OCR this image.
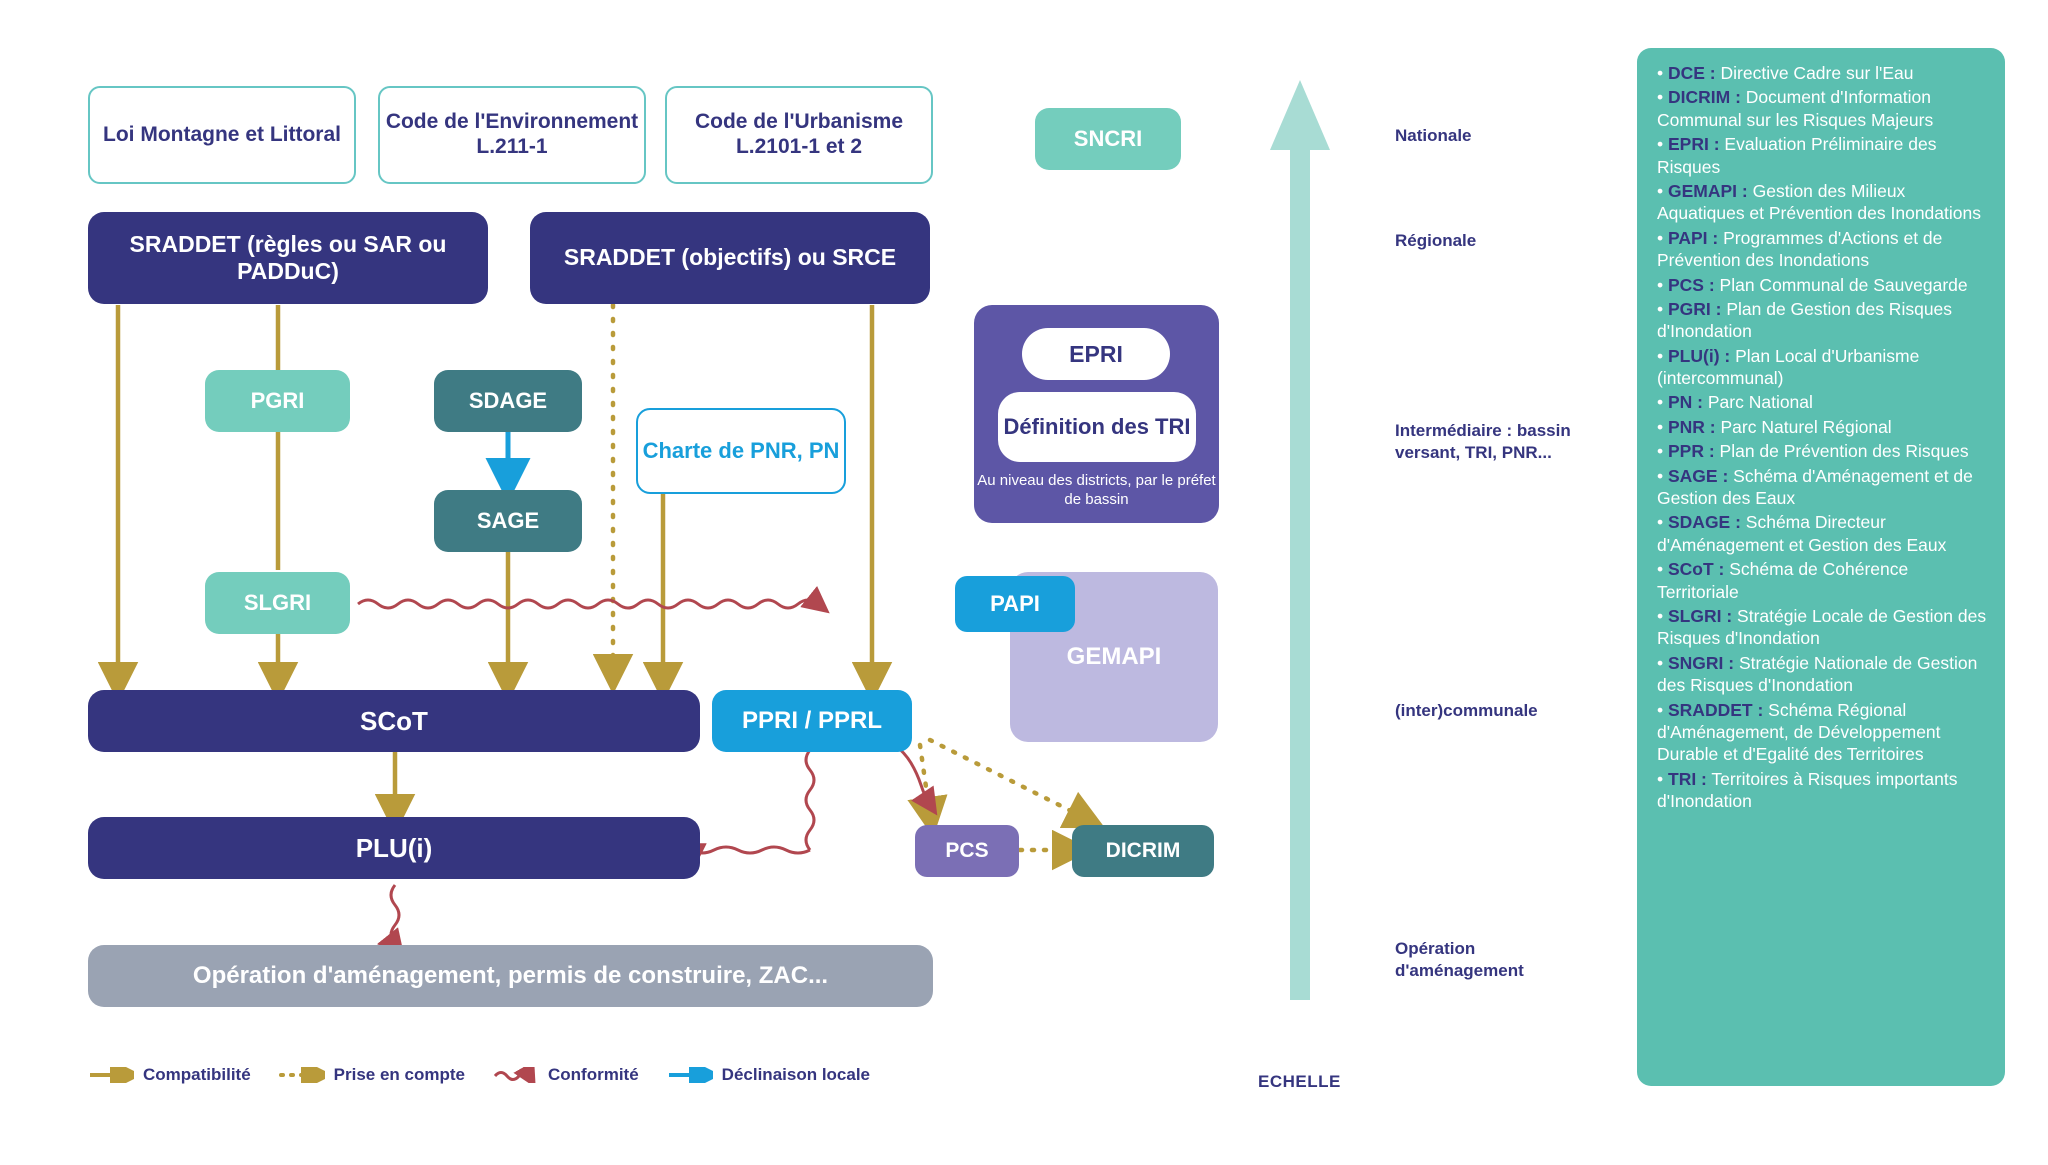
Loi Montagne et Littoral
Code de l'Environnement L.211-1
Code de l'Urbanisme L.2101-1 et 2	SNCRI
SRADDET (règles ou SAR ou PADDuC)
SRADDET (objectifs) ou SRCE
PGRI	SDAGE
SAGE
SLGRI
Charte de PNR, PN
EPRI
Définition des TRI
Au niveau des districts, par le préfet de bassin
GEMAPI
PAPI
SCoT	PPRI / PPRL
PLU(i)	PCS	DICRIM
Opération d'aménagement, permis de construire, ZAC...
Nationale
Régionale
Intermédiaire : bassin versant, TRI, PNR...
(inter)communale
Opération d'aménagement
ECHELLE
Compatibilité	Prise en compte	Conformité	Déclinaison locale
• DCE : Directive Cadre sur l'Eau
• DICRIM : Document d'Information Communal sur les Risques Majeurs
• EPRI : Evaluation Préliminaire des Risques
• GEMAPI : Gestion des Milieux Aquatiques et Prévention des Inondations
• PAPI : Programmes d'Actions et de Prévention des Inondations
• PCS : Plan Communal de Sauvegarde
• PGRI : Plan de Gestion des Risques d'Inondation
• PLU(i) : Plan Local d'Urbanisme (intercommunal)
• PN : Parc National
• PNR : Parc Naturel Régional
• PPR : Plan de Prévention des Risques
• SAGE : Schéma d'Aménagement et de Gestion des Eaux
• SDAGE : Schéma Directeur d'Aménagement et Gestion des Eaux
• SCoT : Schéma de Cohérence Territoriale
• SLGRI : Stratégie Locale de Gestion des Risques d'Inondation
• SNGRI : Stratégie Nationale de Gestion des Risques d'Inondation
• SRADDET : Schéma Régional d'Aménagement, de Développement Durable et d'Egalité des Territoires
• TRI : Territoires à Risques importants d'Inondation
